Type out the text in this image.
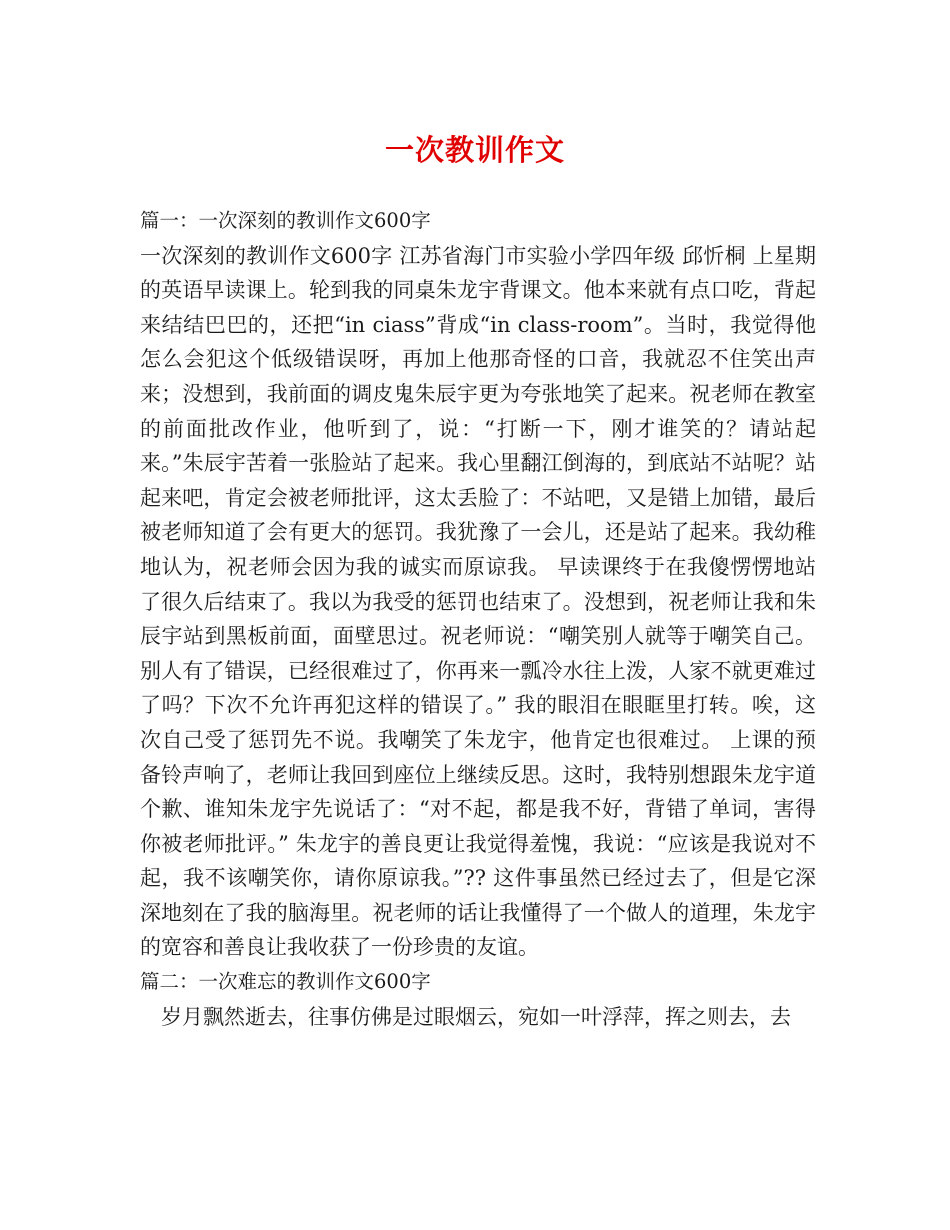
一次教训作文

篇一：一次深刻的教训作文600字

一次深刻的教训作文600字 江苏省海门市实验小学四年级 邱忻桐 上星期的英语早读课上。轮到我的同桌朱龙宇背课文。他本来就有点口吃，背起来结结巴巴的，还把“in ciass”背成“in class-room”。当时，我觉得他怎么会犯这个低级错误呀，再加上他那奇怪的口音，我就忍不住笑出声来；没想到，我前面的调皮鬼朱辰宇更为夸张地笑了起来。祝老师在教室的前面批改作业，他听到了，说：“打断一下，刚才谁笑的？请站起来。”朱辰宇苦着一张脸站了起来。我心里翻江倒海的，到底站不站呢？站起来吧，肯定会被老师批评，这太丢脸了：不站吧，又是错上加错，最后被老师知道了会有更大的惩罚。我犹豫了一会儿，还是站了起来。我幼稚地认为，祝老师会因为我的诚实而原谅我。 早读课终于在我傻愣愣地站了很久后结束了。我以为我受的惩罚也结束了。没想到，祝老师让我和朱辰宇站到黑板前面，面壁思过。祝老师说：“嘲笑别人就等于嘲笑自己。别人有了错误，已经很难过了，你再来一瓢冷水往上泼，人家不就更难过了吗？下次不允许再犯这样的错误了。” 我的眼泪在眼眶里打转。唉，这次自己受了惩罚先不说。我嘲笑了朱龙宇，他肯定也很难过。 上课的预备铃声响了，老师让我回到座位上继续反思。这时，我特别想跟朱龙宇道个歉、谁知朱龙宇先说话了：“对不起，都是我不好，背错了单词，害得你被老师批评。” 朱龙宇的善良更让我觉得羞愧，我说：“应该是我说对不起，我不该嘲笑你，请你原谅我。”?? 这件事虽然已经过去了，但是它深深地刻在了我的脑海里。祝老师的话让我懂得了一个做人的道理，朱龙宇的宽容和善良让我收获了一份珍贵的友谊。

篇二：一次难忘的教训作文600字

　岁月飘然逝去，往事仿佛是过眼烟云，宛如一叶浮萍，挥之则去，去
